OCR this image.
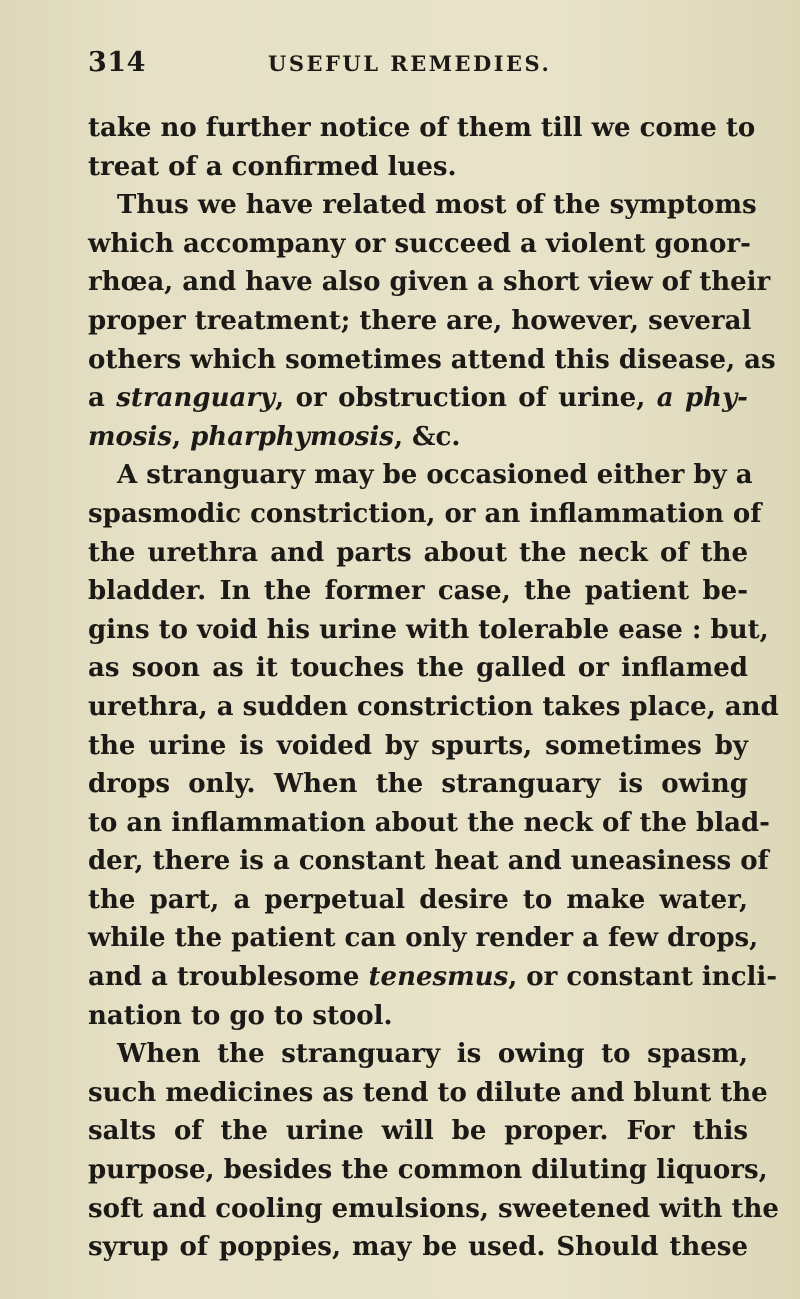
314	USEFUL REMEDIES.
take no further notice of them till we come to
treat of a confirmed lues.
Thus we have related most of the symptoms
which accompany or succeed a violent gonor-
rhœa, and have also given a short view of their
proper treatment; there are, however, several
others which sometimes attend this disease, as
a stranguary, or obstruction of urine, a phy-
mosis, pharphymosis, &c.
A stranguary may be occasioned either by a
spasmodic constriction, or an inflammation of
the urethra and parts about the neck of the
bladder. In the former case, the patient be-
gins to void his urine with tolerable ease : but,
as soon as it touches the galled or inflamed
urethra, a sudden constriction takes place, and
the urine is voided by spurts, sometimes by
drops only. When the stranguary is owing
to an inflammation about the neck of the blad-
der, there is a constant heat and uneasiness of
the part, a perpetual desire to make water,
while the patient can only render a few drops,
and a troublesome tenesmus, or constant incli-
nation to go to stool.
When the stranguary is owing to spasm,
such medicines as tend to dilute and blunt the
salts of the urine will be proper. For this
purpose, besides the common diluting liquors,
soft and cooling emulsions, sweetened with the
syrup of poppies, may be used. Should these
